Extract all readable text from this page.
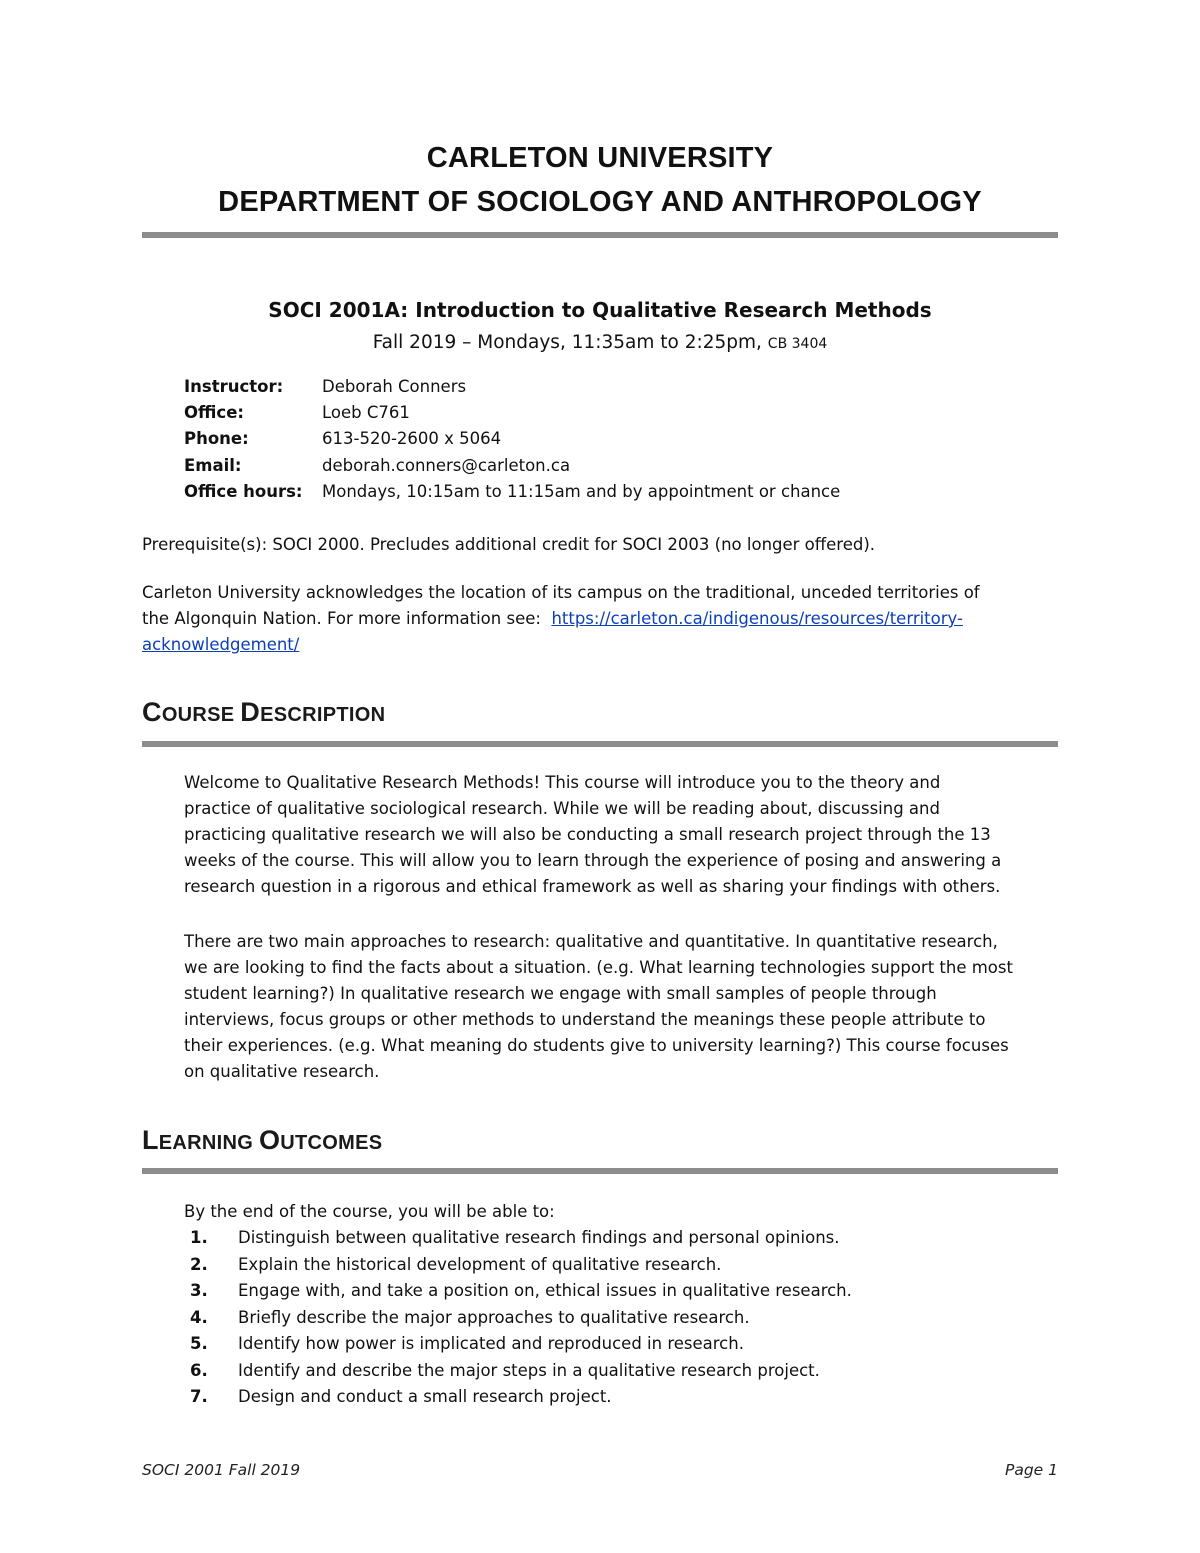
CARLETON UNIVERSITY
DEPARTMENT OF SOCIOLOGY AND ANTHROPOLOGY
SOCI 2001A: Introduction to Qualitative Research Methods
Fall 2019 – Mondays, 11:35am to 2:25pm, CB 3404
Instructor: Deborah Conners
Office:	Loeb C761
Phone:	613-520-2600 x 5064
Email:	deborah.conners@carleton.ca
Office hours: Mondays, 10:15am to 11:15am and by appointment or chance
Prerequisite(s): SOCI 2000. Precludes additional credit for SOCI 2003 (no longer offered).
Carleton University acknowledges the location of its campus on the traditional, unceded territories of
the Algonquin Nation. For more information see: https://carleton.ca/indigenous/resources/territory-
acknowledgement/
COURSE DESCRIPTION
Welcome to Qualitative Research Methods! This course will introduce you to the theory and
practice of qualitative sociological research. While we will be reading about, discussing and
practicing qualitative research we will also be conducting a small research project through the 13
weeks of the course. This will allow you to learn through the experience of posing and answering a
research question in a rigorous and ethical framework as well as sharing your findings with others.
There are two main approaches to research: qualitative and quantitative. In quantitative research,
we are looking to find the facts about a situation. (e.g. What learning technologies support the most
student learning?) In qualitative research we engage with small samples of people through
interviews, focus groups or other methods to understand the meanings these people attribute to
their experiences. (e.g. What meaning do students give to university learning?) This course focuses
on qualitative research.
LEARNING OUTCOMES
By the end of the course, you will be able to:
1. Distinguish between qualitative research findings and personal opinions.
2. Explain the historical development of qualitative research.
3. Engage with, and take a position on, ethical issues in qualitative research.
4. Briefly describe the major approaches to qualitative research.
5. Identify how power is implicated and reproduced in research.
6. Identify and describe the major steps in a qualitative research project.
7. Design and conduct a small research project.
SOCI 2001 Fall 2019	Page 1
